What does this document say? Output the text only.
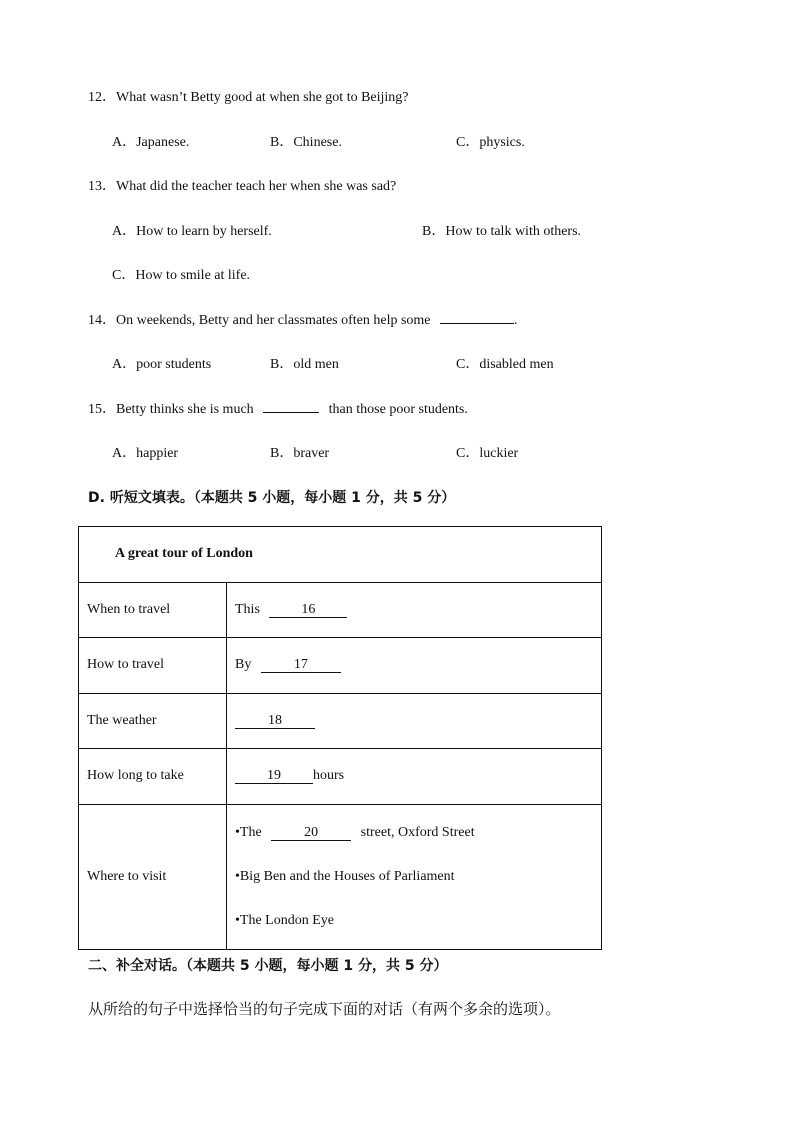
12．What wasn’t Betty good at when she got to Beijing?
A．Japanese.	B．Chinese.	C．physics.
13．What did the teacher teach her when she was sad?
A．How to learn by herself.	B．How to talk with others.
C．How to smile at life.
14．On weekends, Betty and her classmates often help some	.
A．poor students	B．old men	C．disabled men
15．Betty thinks she is much	than those poor students.
A．happier	B．braver	C．luckier
D. 听短文填表。（本题共 5 小题，每小题 1 分，共 5 分）
A great tour of London	
When to travel	This 16
How to travel	By 17
The weather	18
How long to take	19 hours
Where to visit	•The 20 street, Oxford Street
•Big Ben and the Houses of Parliament
•The London Eye
二、补全对话。（本题共 5 小题，每小题 1 分，共 5 分）
从所给的句子中选择恰当的句子完成下面的对话（有两个多余的选项）。
